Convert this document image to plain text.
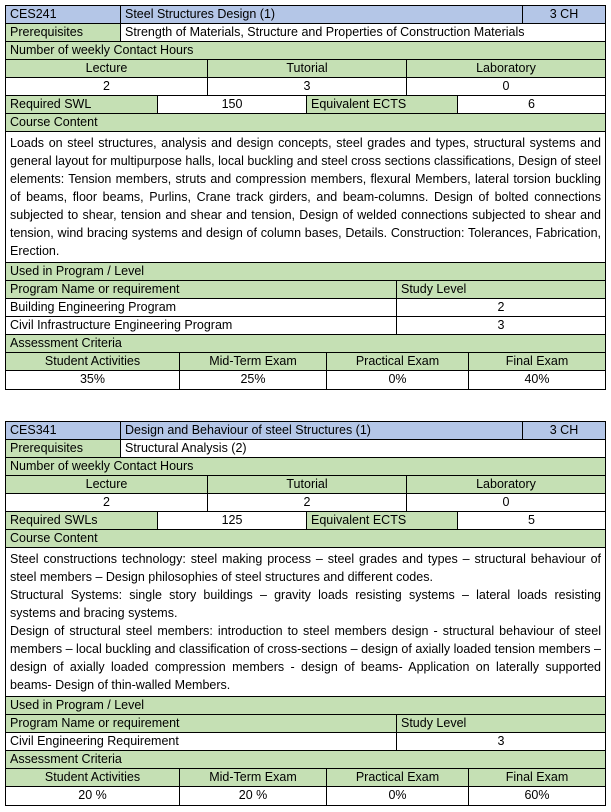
CES241	Steel Structures Design (1)	3 CH
Prerequisites	Strength of Materials, Structure and Properties of Construction Materials
Number of weekly Contact Hours
Lecture	Tutorial	Laboratory
2	3	0
Required SWL	150	Equivalent ECTS	6
Course Content

Loads on steel structures, analysis and design concepts, steel grades and types, structural systems and general layout for multipurpose halls, local buckling and steel cross sections classifications, Design of steel elements: Tension members, struts and compression members, flexural Members, lateral torsion buckling of beams, floor beams, Purlins, Crane track girders, and beam-columns. Design of bolted connections subjected to shear, tension and shear and tension, Design of welded connections subjected to shear and tension, wind bracing systems and design of column bases, Details. Construction: Tolerances, Fabrication, Erection.

Used in Program / Level
Program Name or requirement	Study Level
Building Engineering Program	2
Civil Infrastructure Engineering Program	3
Assessment Criteria
Student Activities	Mid-Term Exam	Practical Exam	Final Exam
35%	25%	0%	40%
CES341	Design and Behaviour of steel Structures (1)	3 CH
Prerequisites	Structural Analysis (2)
Number of weekly Contact Hours
Lecture	Tutorial	Laboratory
2	2	0
Required SWLs	125	Equivalent ECTS	5
Course Content

Steel constructions technology: steel making process – steel grades and types – structural behaviour of steel members – Design philosophies of steel structures and different codes.

Structural Systems: single story buildings – gravity loads resisting systems – lateral loads resisting systems and bracing systems.

Design of structural steel members: introduction to steel members design - structural behaviour of steel members – local buckling and classification of cross-sections – design of axially loaded tension members – design of axially loaded compression members - design of beams- Application on laterally supported beams- Design of thin-walled Members.

Used in Program / Level
Program Name or requirement	Study Level
Civil Engineering Requirement	3
Assessment Criteria
Student Activities	Mid-Term Exam	Practical Exam	Final Exam
20 %	20 %	0%	60%
